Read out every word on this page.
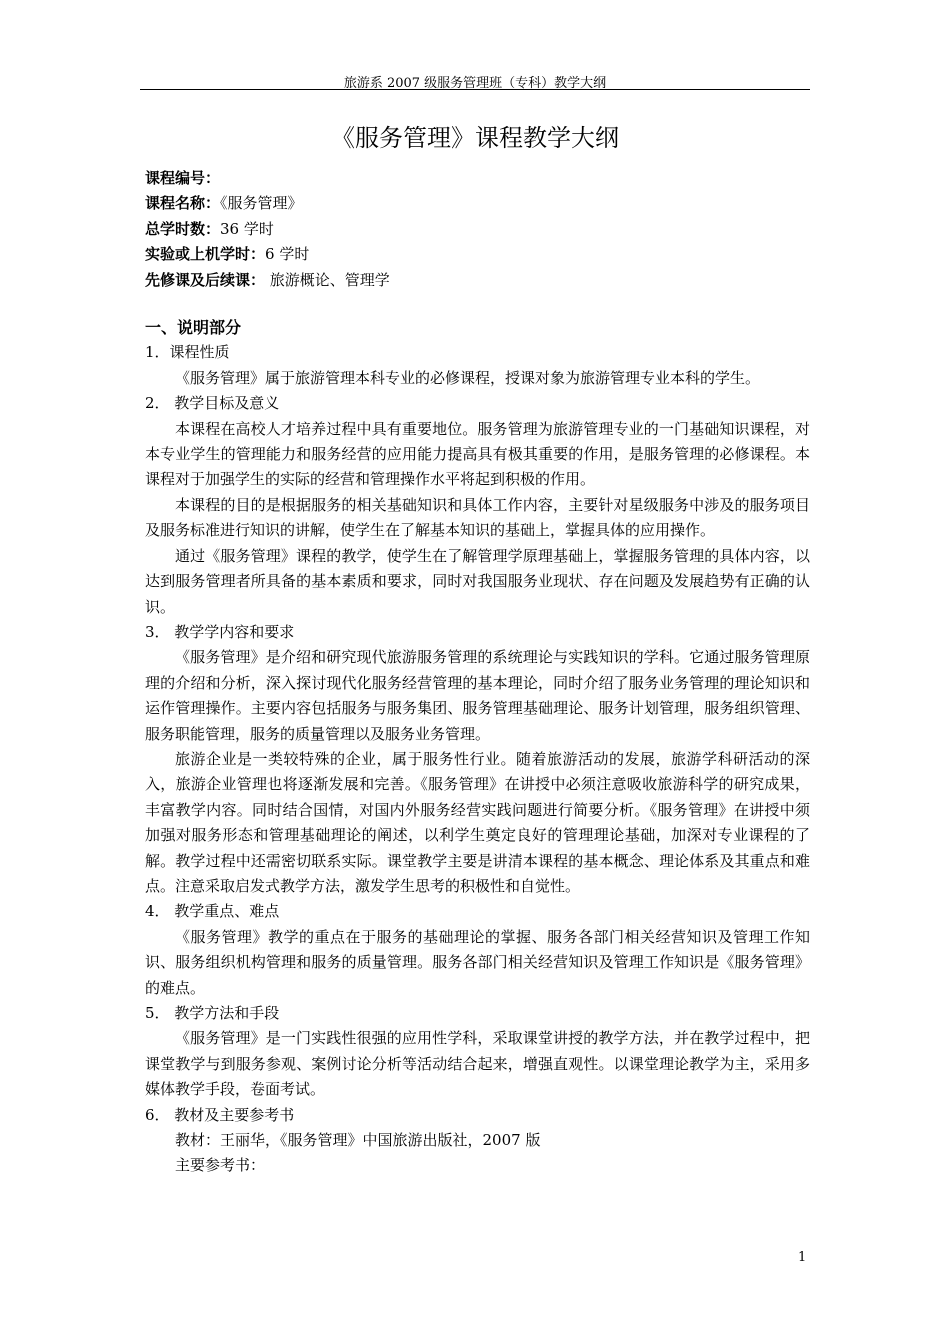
旅游系 2007 级服务管理班（专科）教学大纲
《服务管理》课程教学大纲
课程编号：
课程名称：《服务管理》
总学时数：36 学时
实验或上机学时：6 学时
先修课及后续课： 旅游概论、管理学
一、说明部分
1．课程性质
《服务管理》属于旅游管理本科专业的必修课程，授课对象为旅游管理专业本科的学生。
2． 教学目标及意义
本课程在高校人才培养过程中具有重要地位。服务管理为旅游管理专业的一门基础知识课程，对本专业学生的管理能力和服务经营的应用能力提高具有极其重要的作用，是服务管理的必修课程。本课程对于加强学生的实际的经营和管理操作水平将起到积极的作用。
本课程的目的是根据服务的相关基础知识和具体工作内容，主要针对星级服务中涉及的服务项目及服务标准进行知识的讲解，使学生在了解基本知识的基础上，掌握具体的应用操作。
通过《服务管理》课程的教学，使学生在了解管理学原理基础上，掌握服务管理的具体内容，以达到服务管理者所具备的基本素质和要求，同时对我国服务业现状、存在问题及发展趋势有正确的认识。
3． 教学学内容和要求
《服务管理》是介绍和研究现代旅游服务管理的系统理论与实践知识的学科。它通过服务管理原理的介绍和分析，深入探讨现代化服务经营管理的基本理论，同时介绍了服务业务管理的理论知识和运作管理操作。主要内容包括服务与服务集团、服务管理基础理论、服务计划管理，服务组织管理、服务职能管理，服务的质量管理以及服务业务管理。
旅游企业是一类较特殊的企业，属于服务性行业。随着旅游活动的发展，旅游学科研活动的深入，旅游企业管理也将逐渐发展和完善。《服务管理》在讲授中必须注意吸收旅游科学的研究成果，丰富教学内容。同时结合国情，对国内外服务经营实践问题进行简要分析。《服务管理》在讲授中须加强对服务形态和管理基础理论的阐述，以利学生奠定良好的管理理论基础，加深对专业课程的了解。教学过程中还需密切联系实际。课堂教学主要是讲清本课程的基本概念、理论体系及其重点和难点。注意采取启发式教学方法，激发学生思考的积极性和自觉性。
4． 教学重点、难点
《服务管理》教学的重点在于服务的基础理论的掌握、服务各部门相关经营知识及管理工作知识、服务组织机构管理和服务的质量管理。服务各部门相关经营知识及管理工作知识是《服务管理》的难点。
5． 教学方法和手段
《服务管理》是一门实践性很强的应用性学科，采取课堂讲授的教学方法，并在教学过程中，把课堂教学与到服务参观、案例讨论分析等活动结合起来，增强直观性。以课堂理论教学为主，采用多媒体教学手段，卷面考试。
6． 教材及主要参考书
教材：王丽华，《服务管理》中国旅游出版社，2007 版
主要参考书：
1
